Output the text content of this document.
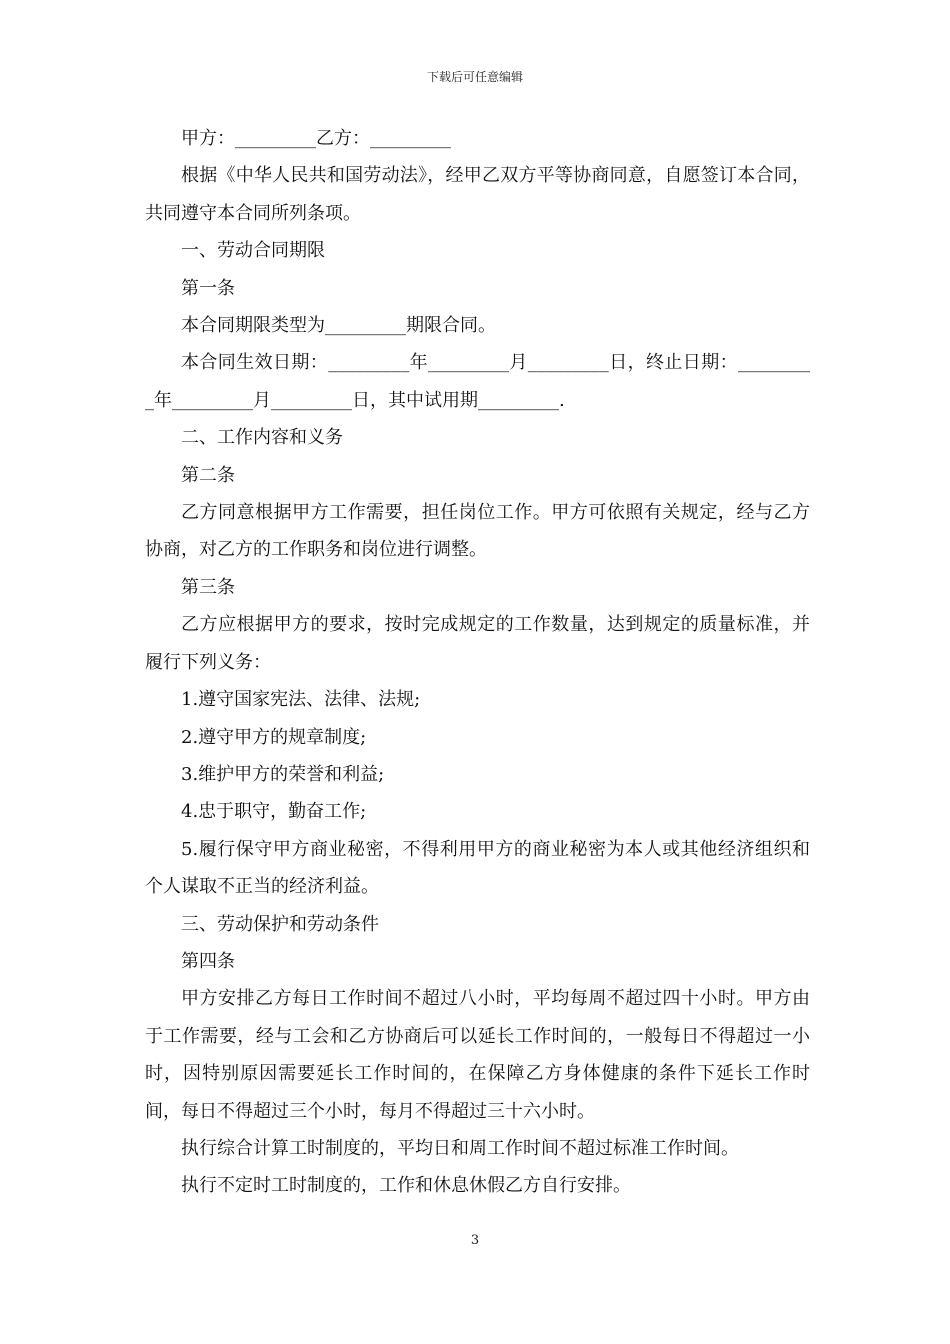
下载后可任意编辑

甲方：_________乙方：_________

根据《中华人民共和国劳动法》，经甲乙双方平等协商同意，自愿签订本合同，共同遵守本合同所列条项。

一、劳动合同期限

第一条

本合同期限类型为_________期限合同。

本合同生效日期：_________年_________月_________日，终止日期：_________年_________月_________日，其中试用期_________.

二、工作内容和义务

第二条

乙方同意根据甲方工作需要，担任岗位工作。甲方可依照有关规定，经与乙方协商，对乙方的工作职务和岗位进行调整。

第三条

乙方应根据甲方的要求，按时完成规定的工作数量，达到规定的质量标准，并履行下列义务：

1.遵守国家宪法、法律、法规;

2.遵守甲方的规章制度;

3.维护甲方的荣誉和利益;

4.忠于职守，勤奋工作;

5.履行保守甲方商业秘密，不得利用甲方的商业秘密为本人或其他经济组织和个人谋取不正当的经济利益。

三、劳动保护和劳动条件

第四条

甲方安排乙方每日工作时间不超过八小时，平均每周不超过四十小时。甲方由于工作需要，经与工会和乙方协商后可以延长工作时间的，一般每日不得超过一小时，因特别原因需要延长工作时间的，在保障乙方身体健康的条件下延长工作时间，每日不得超过三个小时，每月不得超过三十六小时。

执行综合计算工时制度的，平均日和周工作时间不超过标准工作时间。

执行不定时工时制度的，工作和休息休假乙方自行安排。

3
